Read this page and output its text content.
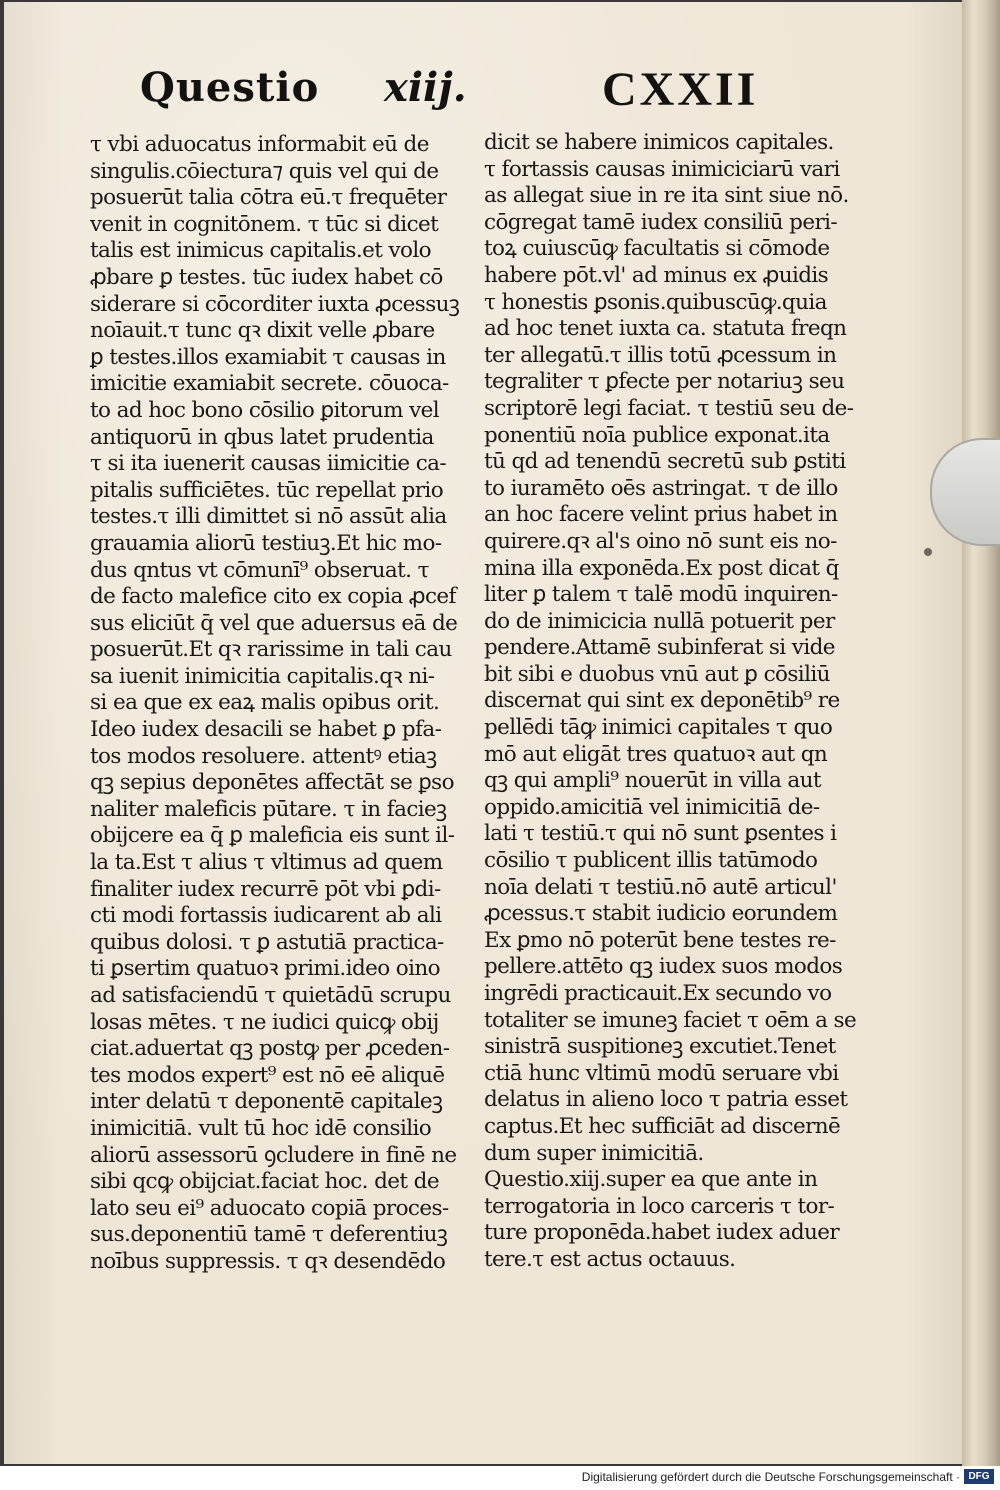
Questio xiij.	CXXII
τ vbi aduocatus informabit eū de
singulis.cōiectura⁊ quis vel qui de
posuerūt talia cōtra eū.τ frequēter
venit in cognitōnem. τ tūc si dicet
talis est inimicus capitalis.et volo
ꝓbare ꝑ testes. tūc iudex habet cō
siderare si cōcorditer iuxta ꝓcessuꝫ
noīauit.τ tunc qꝛ dixit velle ꝓbare
ꝑ testes.illos examiabit τ causas in
imicitie examiabit secrete. cōuoca-
to ad hoc bono cōsilio ꝑitorum vel
antiquorū in qbus latet prudentia
τ si ita iuenerit causas iimicitie ca-
pitalis sufficiētes. tūc repellat prio
testes.τ illi dimittet si nō assūt alia
grauamia aliorū testiuꝫ.Et hic mo-
dus qntus vt cōmunī⁹ obseruat. τ
de facto malefice cito ex copia ꝓcef
sus eliciūt q̄ vel que aduersus eā de
posuerūt.Et qꝛ rarissime in tali cau
sa iuenit inimicitia capitalis.qꝛ ni-
si ea que ex eaꝝ malis opibus orit.
Ideo iudex desacili se habet ꝑ pfa-
tos modos resoluere. attentꝰ etiaꝫ
qꝫ sepius deponētes affectāt se ꝑso
naliter maleficis pūtare. τ in facieꝫ
obijcere ea q̄ ꝑ maleficia eis sunt il-
la ta.Est τ alius τ vltimus ad quem
finaliter iudex recurrē pōt vbi ꝑdi-
cti modi fortassis iudicarent ab ali
quibus dolosi. τ ꝑ astutiā practica-
ti ꝑsertim quatuoꝛ primi.ideo oino
ad satisfaciendū τ quietādū scrupu
losas mētes. τ ne iudici quicꝙ obij
ciat.aduertat qꝫ postꝙ per ꝓceden-
tes modos expert⁹ est nō eē aliquē
inter delatū τ deponentē capitaleꝫ
inimicitiā. vult tū hoc idē consilio
aliorū assessorū ꝯcludere in finē ne
sibi qcꝙ obijciat.faciat hoc. det de
lato seu ei⁹ aduocato copiā proces-
sus.deponentiū tamē τ deferentiuꝫ
noībus suppressis. τ qꝛ desendēdo
dicit se habere inimicos capitales.
τ fortassis causas inimiciciarū vari
as allegat siue in re ita sint siue nō.
cōgregat tamē iudex consiliū peri-
toꝝ cuiuscūꝙ facultatis si cōmode
habere pōt.vl' ad minus ex ꝓuidis
τ honestis ꝑsonis.quibuscūꝙ.quia
ad hoc tenet iuxta ca. statuta freqn
ter allegatū.τ illis totū ꝓcessum in
tegraliter τ ꝑfecte per notariuꝫ seu
scriptorē legi faciat. τ testiū seu de-
ponentiū noīa publice exponat.ita
tū qd ad tenendū secretū sub ꝑstiti
to iuramēto oēs astringat. τ de illo
an hoc facere velint prius habet in
quirere.qꝛ al's oino nō sunt eis no-
mina illa exponēda.Ex post dicat q̄
liter ꝑ talem τ talē modū inquiren-
do de inimicicia nullā potuerit per
pendere.Attamē subinferat si vide
bit sibi e duobus vnū aut ꝑ cōsiliū
discernat qui sint ex deponētib⁹ re
pellēdi tāꝙ inimici capitales τ quo
mō aut eligāt tres quatuoꝛ aut qn
qꝫ qui ampli⁹ nouerūt in villa aut
oppido.amicitiā vel inimicitiā de-
lati τ testiū.τ qui nō sunt ꝑsentes i
cōsilio τ publicent illis tatūmodo
noīa delati τ testiū.nō autē articul'
ꝓcessus.τ stabit iudicio eorundem
Ex ꝑmo nō poterūt bene testes re-
pellere.attēto qꝫ iudex suos modos
ingrēdi practicauit.Ex secundo vo
totaliter se imuneꝫ faciet τ oēm a se
sinistrā suspitioneꝫ excutiet.Tenet
ctiā hunc vltimū modū seruare vbi
delatus in alieno loco τ patria esset
captus.Et hec sufficiāt ad discernē
dum super inimicitiā.
Questio.xiij.super ea que ante in
terrogatoria in loco carceris τ tor-
ture proponēda.habet iudex aduer
tere.τ est actus octauus.
Digitalisierung gefördert durch die Deutsche Forschungsgemeinschaft · DFG
